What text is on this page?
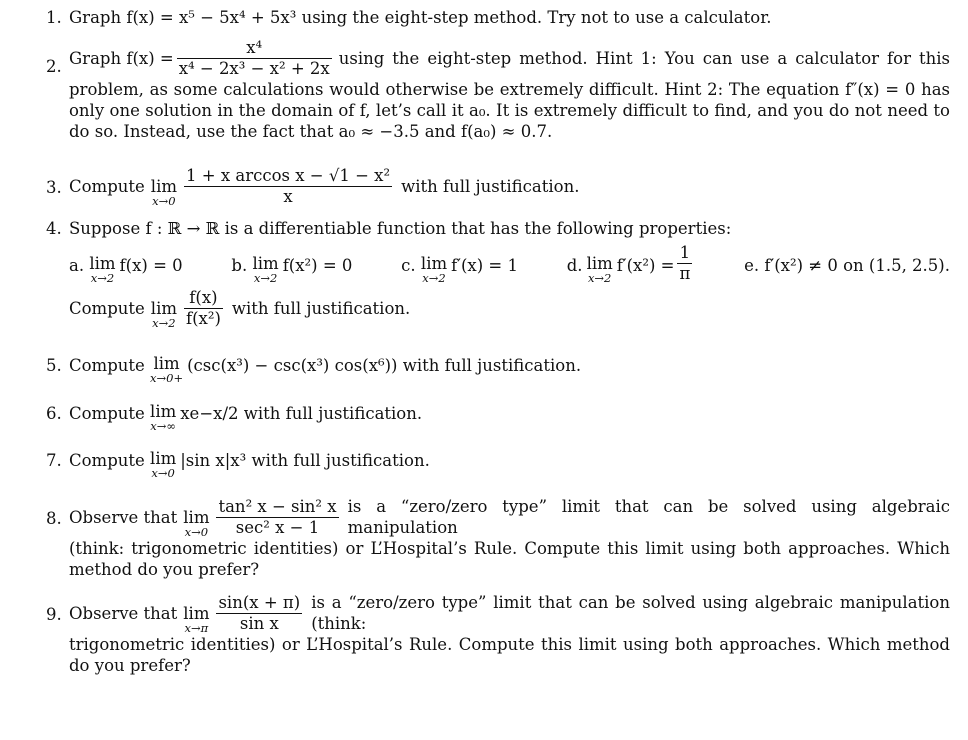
1. Graph f(x) = x⁵ − 5x⁴ + 5x³ using the eight-step method. Try not to use a calculator.
2. Graph $f(x) = \frac{\text{x⁴}}{\text{x⁴ − 2x³ − x² + 2x}}$ using the eight-step method. Hint 1: You can use a calculator for this
problem, as some calculations would otherwise be extremely difficult. Hint 2: The equation f″(x) = 0 has only one solution in the domain of f, let’s call it a₀. It is extremely difficult to find, and you do not need to do so. Instead, use the fact that a₀ ≈ −3.5 and f(a₀) ≈ 0.7.
3. Compute lim
$x\to 0 \frac{\text{1 + x arccos x − √1 − x²}}{x}$ with full justification.
4. Suppose f : ℝ → ℝ is a differentiable function that has the following properties:
a. lim
x→2
f(x) = 0	b. lim
x→2
f(x²) = 0	c. lim
x→2
f′(x) = 1	d. lim
x→2
$f'(x^2) = \frac{1}{\pi}$	e. f′(x²) ≠ 0 on (1.5, 2.5).
Compute lim
$x\to 2 \frac{f(x)}{\text{f(x²)}}$ with full justification.
5. Compute lim
x→0+
(csc(x³) − csc(x³) cos(x⁶)) with full justification.
6. Compute lim
x→∞
xe−x/2 with full justification.
7. Compute lim
x→0
|sin x|x³ with full justification.
8. Observe that lim
$x\to 0 \frac{\text{tan² x − sin² x}}{\text{sec² x − 1}}$ is a “zero/zero type” limit that can be solved using algebraic manipulation
(think: trigonometric identities) or L’Hospital’s Rule. Compute this limit using both approaches. Which method do you prefer?
9. Observe that lim
$x\to\pi \frac{\sin(x + \pi)}{\text{sin x}}$ is a “zero/zero type” limit that can be solved using algebraic manipulation (think:
trigonometric identities) or L’Hospital’s Rule. Compute this limit using both approaches. Which method do you prefer?
